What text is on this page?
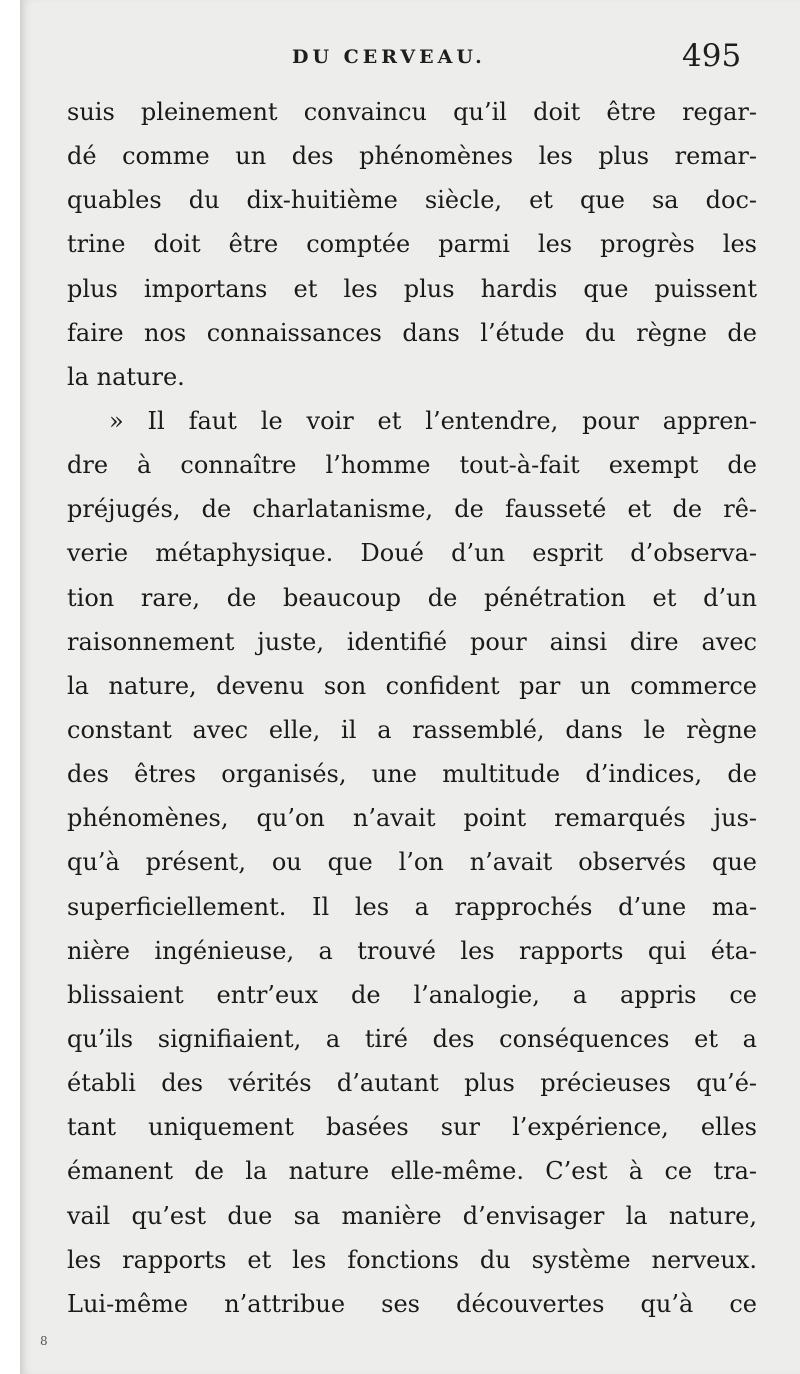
DU CERVEAU.	495
suis pleinement convaincu qu’il doit être regar-
dé comme un des phénomènes les plus remar-
quables du dix-huitième siècle, et que sa doc-
trine doit être comptée parmi les progrès les
plus importans et les plus hardis que puissent
faire nos connaissances dans l’étude du règne de
la nature.
» Il faut le voir et l’entendre, pour appren-
dre à connaître l’homme tout-à-fait exempt de
préjugés, de charlatanisme, de fausseté et de rê-
verie métaphysique. Doué d’un esprit d’observa-
tion rare, de beaucoup de pénétration et d’un
raisonnement juste, identifié pour ainsi dire avec
la nature, devenu son confident par un commerce
constant avec elle, il a rassemblé, dans le règne
des êtres organisés, une multitude d’indices, de
phénomènes, qu’on n’avait point remarqués jus-
qu’à présent, ou que l’on n’avait observés que
superficiellement. Il les a rapprochés d’une ma-
nière ingénieuse, a trouvé les rapports qui éta-
blissaient entr’eux de l’analogie, a appris ce
qu’ils signifiaient, a tiré des conséquences et a
établi des vérités d’autant plus précieuses qu’é-
tant uniquement basées sur l’expérience, elles
émanent de la nature elle-même. C’est à ce tra-
vail qu’est due sa manière d’envisager la nature,
les rapports et les fonctions du système nerveux.
Lui-même n’attribue ses découvertes qu’à ce
8
